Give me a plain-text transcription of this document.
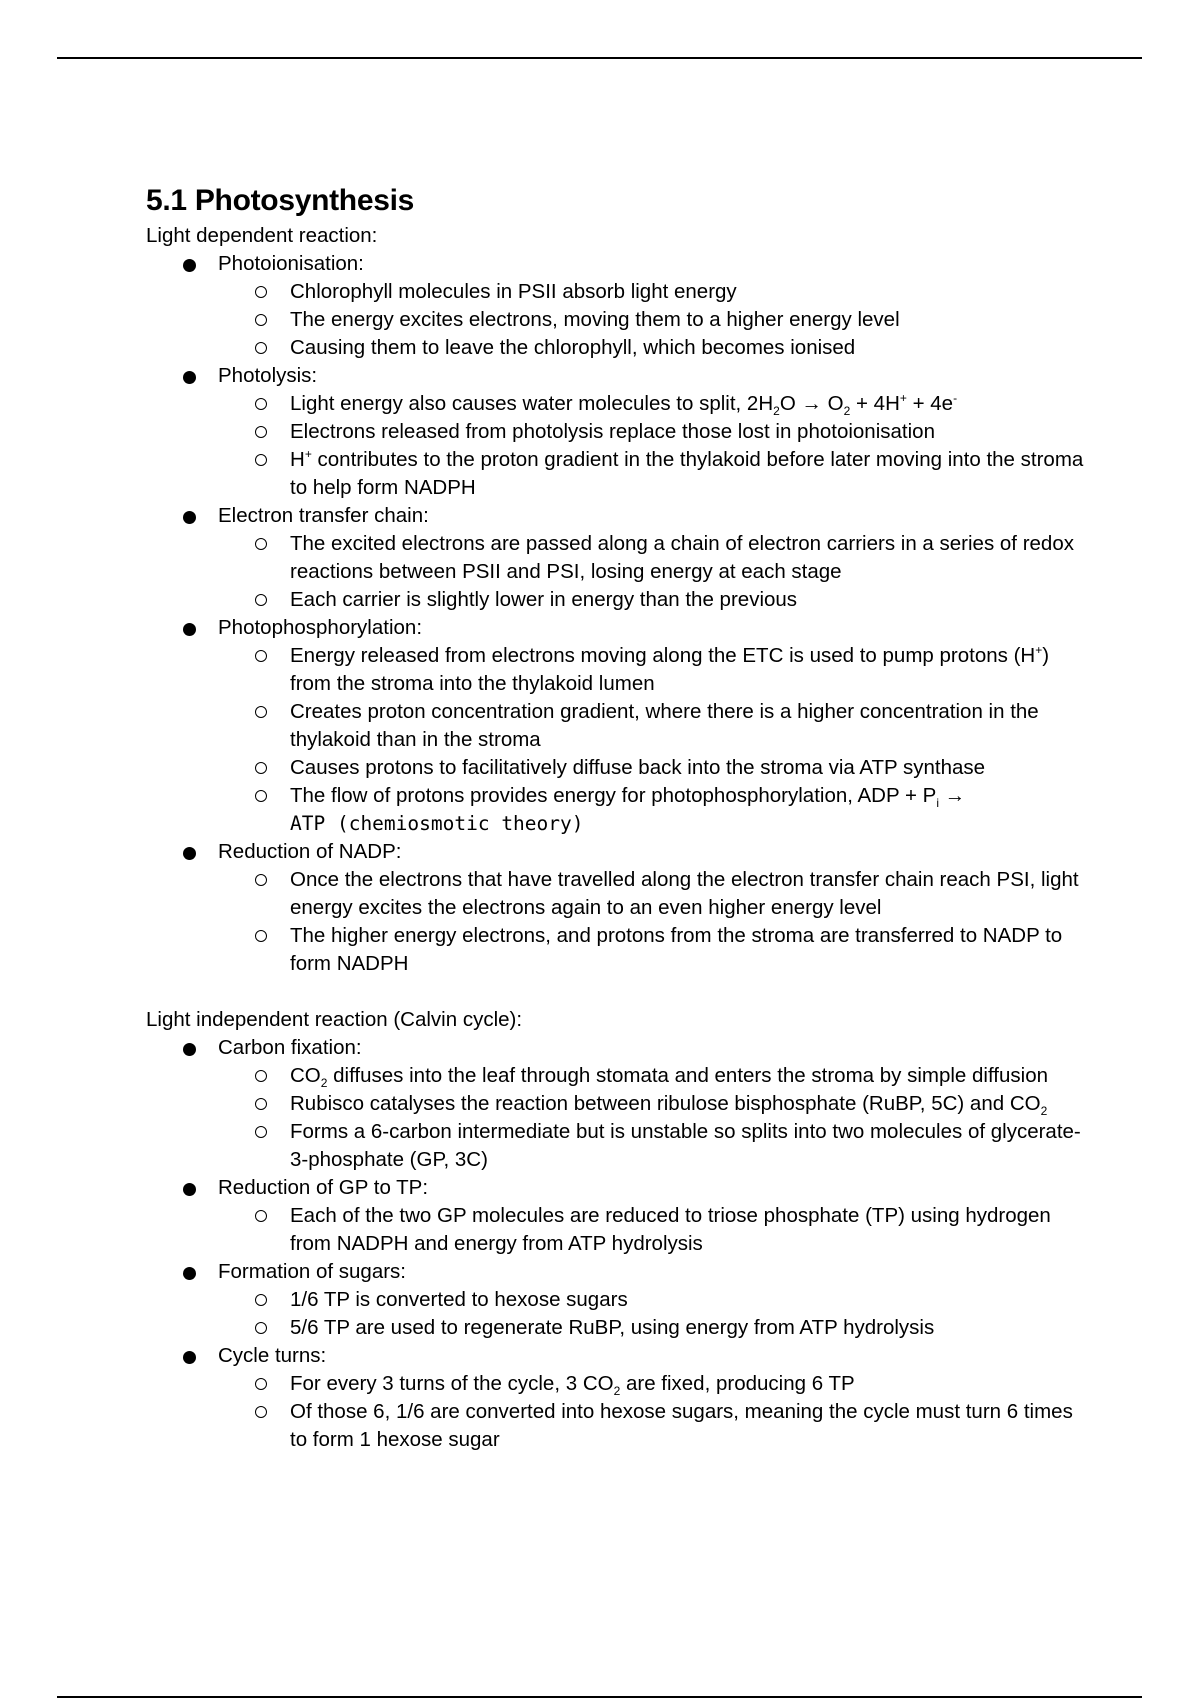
5.1 Photosynthesis

Light dependent reaction:

Photoionisation:
Chlorophyll molecules in PSII absorb light energy
The energy excites electrons, moving them to a higher energy level
Causing them to leave the chlorophyll, which becomes ionised
Photolysis:
Light energy also causes water molecules to split, $2H_2O \to O_2 + 4H^+ + 4e^-$
Electrons released from photolysis replace those lost in photoionisation
H+ contributes to the proton gradient in the thylakoid before later moving into the stroma to help form NADPH
Electron transfer chain:
The excited electrons are passed along a chain of electron carriers in a series of redox reactions between PSII and PSI, losing energy at each stage
Each carrier is slightly lower in energy than the previous
Photophosphorylation:
Energy released from electrons moving along the ETC is used to pump protons (H+) from the stroma into the thylakoid lumen
Creates proton concentration gradient, where there is a higher concentration in the thylakoid than in the stroma
Causes protons to facilitatively diffuse back into the stroma via ATP synthase
The flow of protons provides energy for photophosphorylation, ADP + $P_i$ →
ATP (chemiosmotic theory)
Reduction of NADP:
Once the electrons that have travelled along the electron transfer chain reach PSI, light energy excites the electrons again to an even higher energy level
The higher energy electrons, and protons from the stroma are transferred to NADP to form NADPH

Light independent reaction (Calvin cycle):

Carbon fixation:
$CO_2$ diffuses into the leaf through stomata and enters the stroma by simple diffusion
Rubisco catalyses the reaction between ribulose bisphosphate (RuBP, 5C) and $CO_2$
Forms a 6-carbon intermediate but is unstable so splits into two molecules of glycerate-3-phosphate (GP, 3C)
Reduction of GP to TP:
Each of the two GP molecules are reduced to triose phosphate (TP) using hydrogen from NADPH and energy from ATP hydrolysis
Formation of sugars:
1/6 TP is converted to hexose sugars
5/6 TP are used to regenerate RuBP, using energy from ATP hydrolysis
Cycle turns:
For every 3 turns of the cycle, 3 $CO_2$ are fixed, producing 6 TP
Of those 6, 1/6 are converted into hexose sugars, meaning the cycle must turn 6 times to form 1 hexose sugar
